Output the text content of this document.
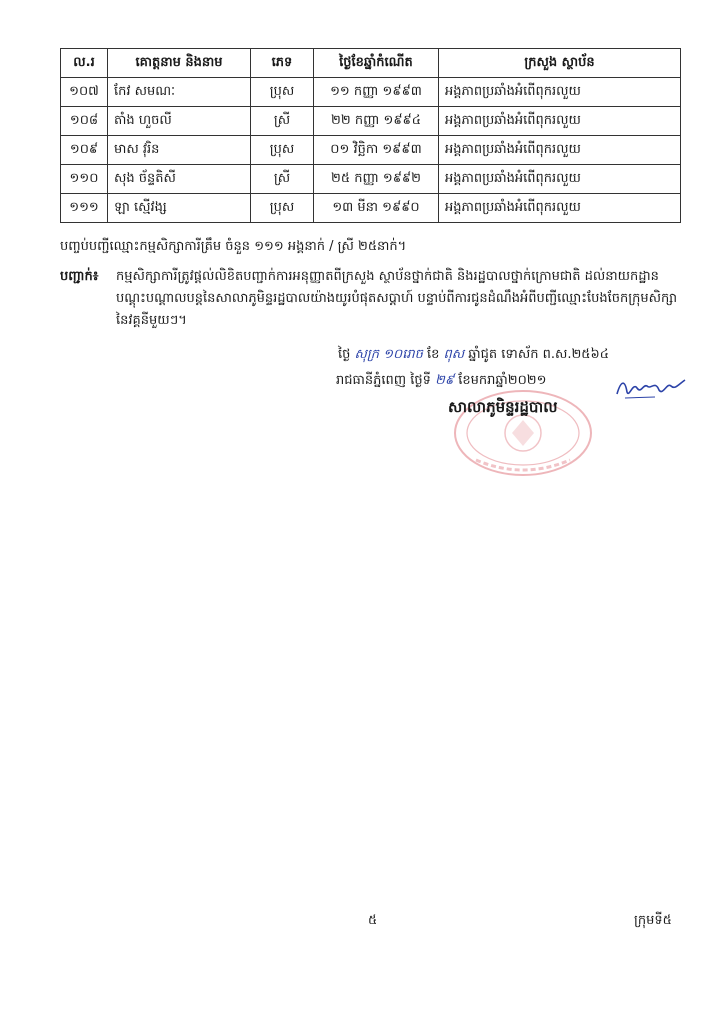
ល.រ	គោត្តនាម និងនាម	ភេទ	ថ្ងៃខែឆ្នាំកំណើត	ក្រសួង ស្ថាប័ន
១០៧	កែវ សមណៈ	ប្រុស	១១ កញ្ញា ១៩៩៣	អង្គភាពប្រឆាំងអំពើពុករលួយ
១០៨	តាំង ហួចលី	ស្រី	២២ កញ្ញា ១៩៩៤	អង្គភាពប្រឆាំងអំពើពុករលួយ
១០៩	មាស វុរិន	ប្រុស	០១ វិច្ឆិកា ១៩៩៣	អង្គភាពប្រឆាំងអំពើពុករលួយ
១១០	សុង ច័ន្ទតិសី	ស្រី	២៥ កញ្ញា ១៩៩២	អង្គភាពប្រឆាំងអំពើពុករលួយ
១១១	ឡា ស្មើវង្ស	ប្រុស	១៣ មីនា ១៩៩០	អង្គភាពប្រឆាំងអំពើពុករលួយ
បញ្ចប់បញ្ជីឈ្មោះកម្មសិក្សាការីត្រឹម ចំនួន ១១១ អង្គនាក់ / ស្រី ២៥នាក់។
បញ្ជាក់៖ កម្មសិក្សាការីត្រូវផ្ដល់លិខិតបញ្ជាក់ការអនុញ្ញាតពីក្រសួង ស្ថាប័នថ្នាក់ជាតិ និងរដ្ឋបាលថ្នាក់ក្រោមជាតិ ដល់នាយកដ្ឋានបណ្ដុះបណ្ដាលបន្តនៃសាលាភូមិន្ទរដ្ឋបាលយ៉ាងយូរបំផុតសប្ដាហ៍ បន្ទាប់ពីការជូនដំណឹងអំពីបញ្ជីឈ្មោះបែងចែកក្រុមសិក្សានៃវគ្គនីមួយៗ។
ថ្ងៃ សុក្រ ១០រោច ខែ ពុស ឆ្នាំជូត ទោស័ក ព.ស.២៥៦៤
រាជធានីភ្នំពេញ ថ្ងៃទី ២៩ ខែមករាឆ្នាំ២០២១
សាលាភូមិន្ទរដ្ឋបាល
៥	ក្រុមទី៥
